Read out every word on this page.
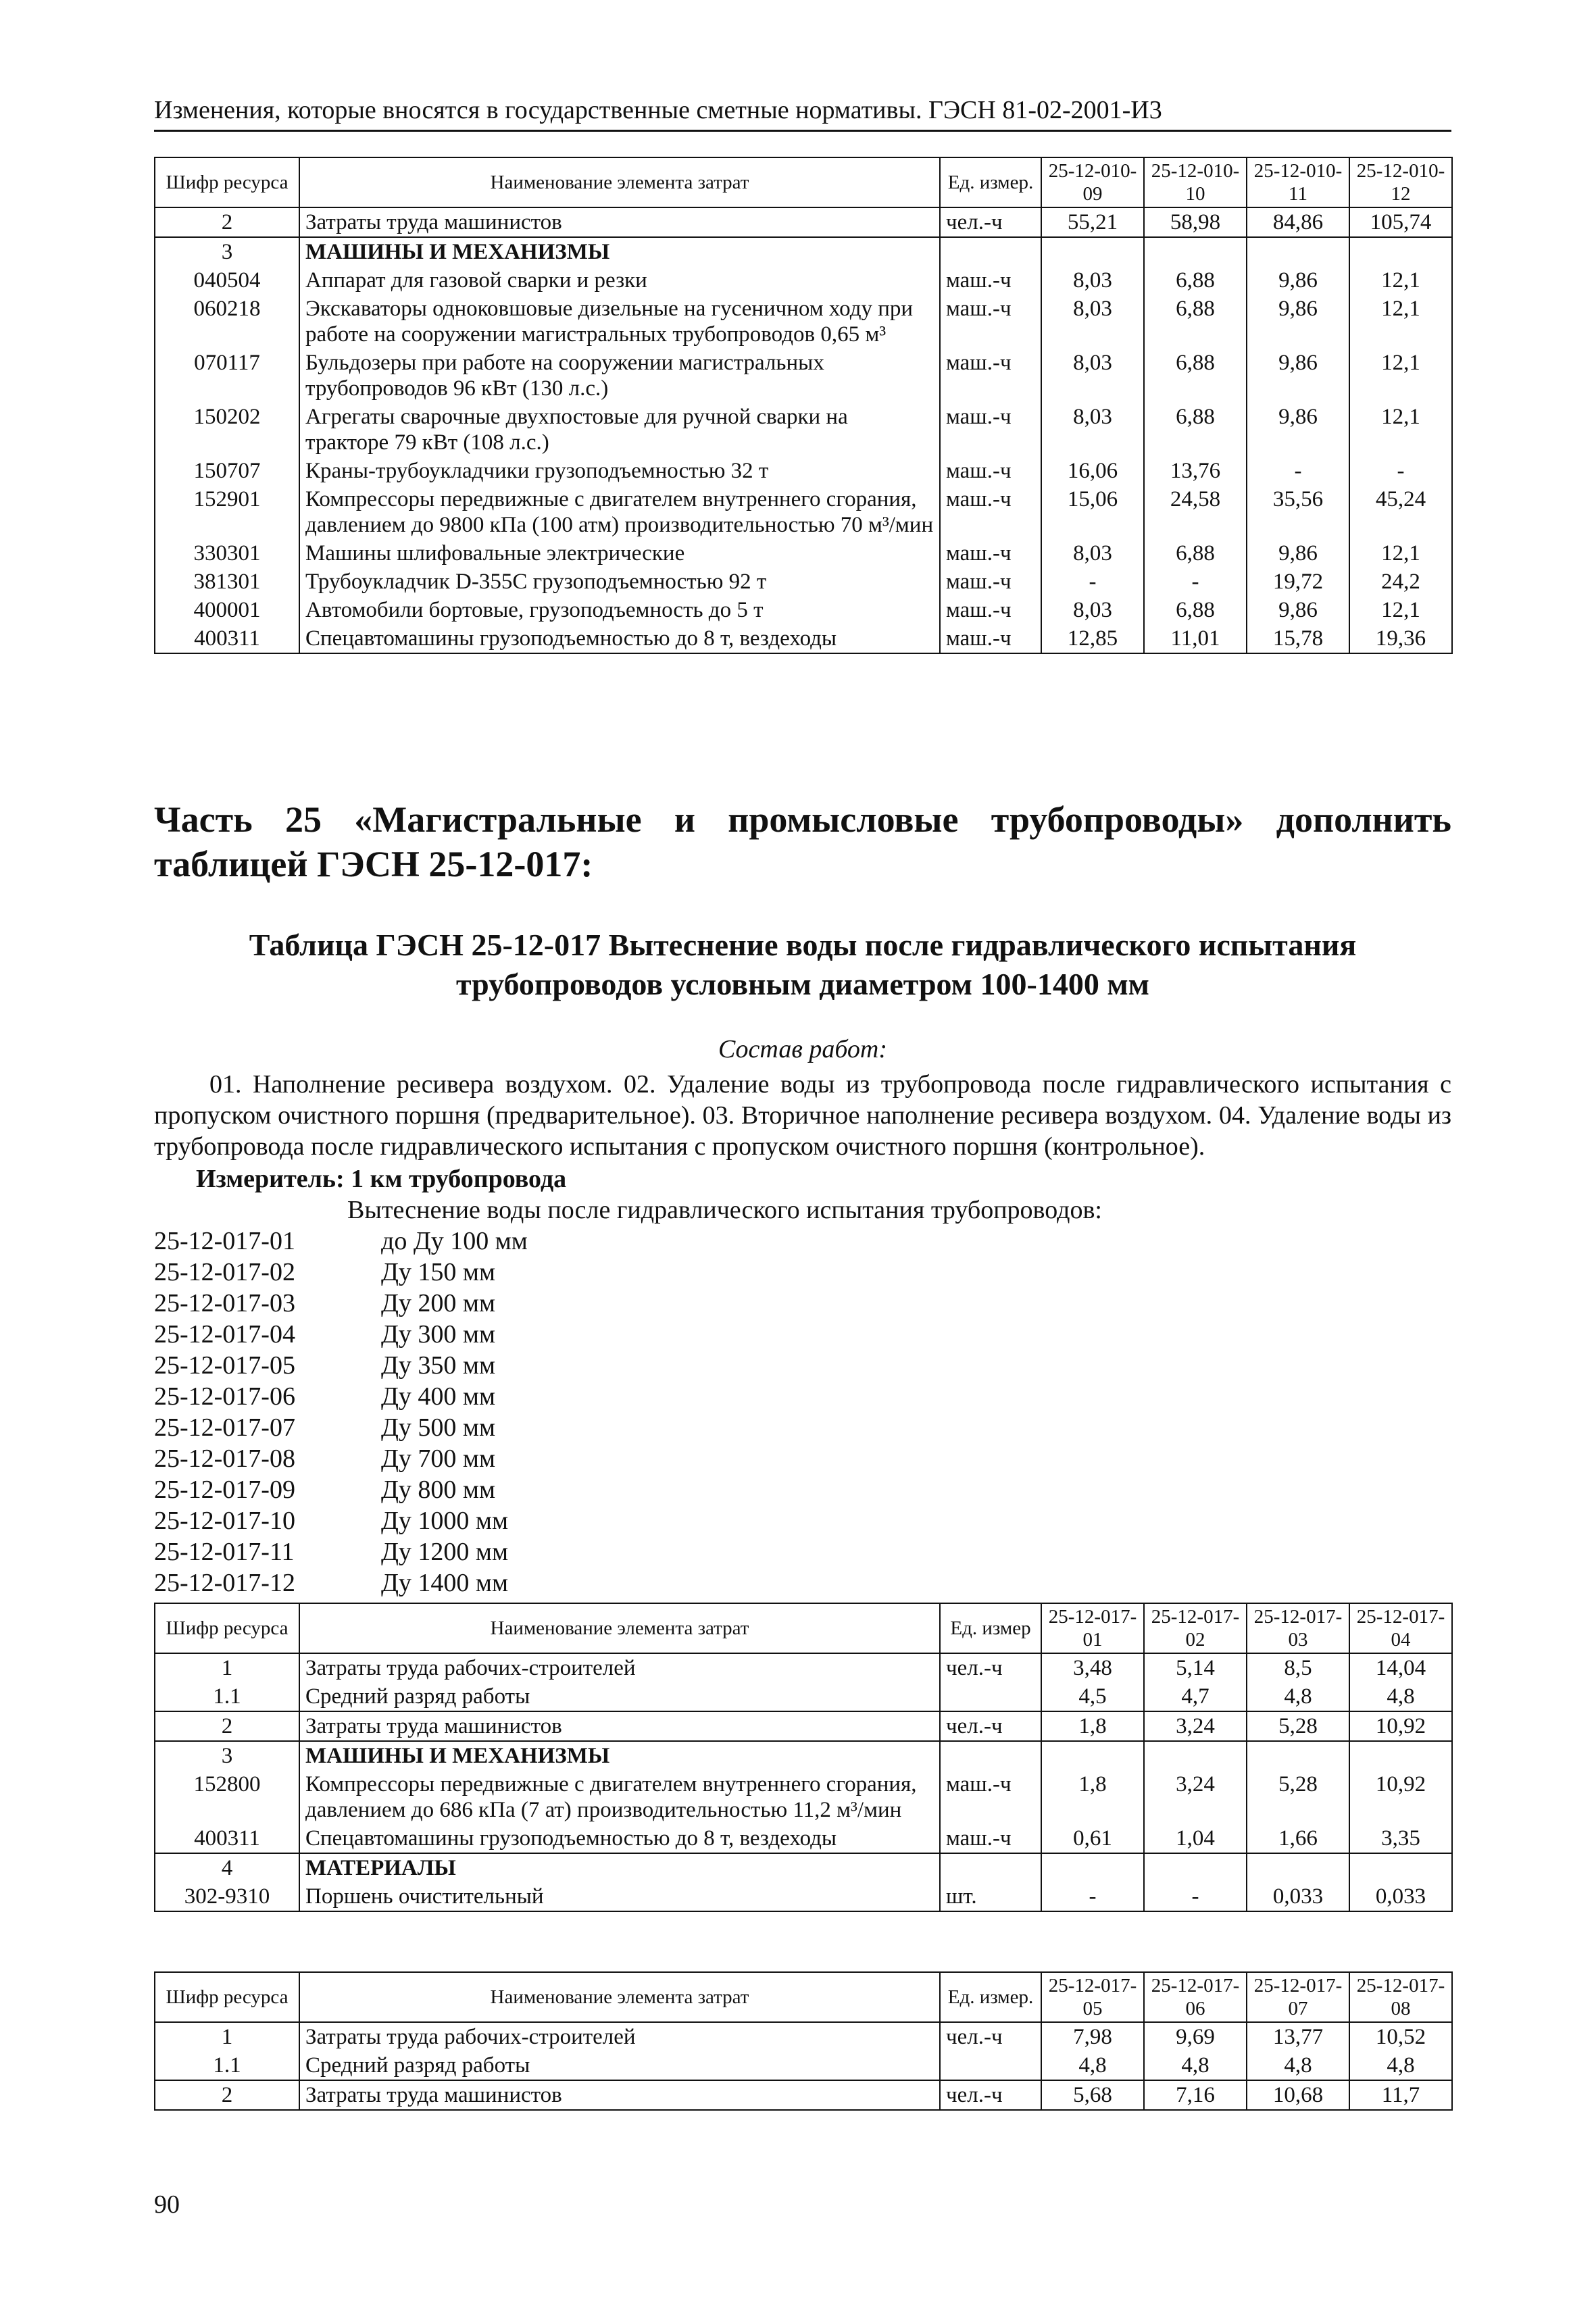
Изменения, которые вносятся в государственные сметные нормативы. ГЭСН 81-02-2001-И3
Шифр ресурса	Наименование элемента затрат	Ед. измер.	25-12-010-09	25-12-010-10	25-12-010-11	25-12-010-12
2	Затраты труда машинистов	чел.-ч	55,21	58,98	84,86	105,74
3	МАШИНЫ И МЕХАНИЗМЫ					
040504	Аппарат для газовой сварки и резки	маш.-ч	8,03	6,88	9,86	12,1
060218	Экскаваторы одноковшовые дизельные на гусеничном ходу при работе на сооружении магистральных трубопроводов 0,65 м³	маш.-ч	8,03	6,88	9,86	12,1
070117	Бульдозеры при работе на сооружении магистральных трубопроводов 96 кВт (130 л.с.)	маш.-ч	8,03	6,88	9,86	12,1
150202	Агрегаты сварочные двухпостовые для ручной сварки на тракторе 79 кВт (108 л.с.)	маш.-ч	8,03	6,88	9,86	12,1
150707	Краны-трубоукладчики грузоподъемностью 32 т	маш.-ч	16,06	13,76	-	-
152901	Компрессоры передвижные с двигателем внутреннего сгорания, давлением до 9800 кПа (100 атм) производительностью 70 м³/мин	маш.-ч	15,06	24,58	35,56	45,24
330301	Машины шлифовальные электрические	маш.-ч	8,03	6,88	9,86	12,1
381301	Трубоукладчик D-355C грузоподъемностью 92 т	маш.-ч	-	-	19,72	24,2
400001	Автомобили бортовые, грузоподъемность до 5 т	маш.-ч	8,03	6,88	9,86	12,1
400311	Спецавтомашины грузоподъемностью до 8 т, вездеходы	маш.-ч	12,85	11,01	15,78	19,36
Часть 25 «Магистральные и промысловые трубопроводы» дополнить таблицей ГЭСН 25-12-017:
Таблица ГЭСН 25-12-017 Вытеснение воды после гидравлического испытания трубопроводов условным диаметром 100-1400 мм
Состав работ:
01. Наполнение ресивера воздухом. 02. Удаление воды из трубопровода после гидравлического испытания с пропуском очистного поршня (предварительное). 03. Вторичное наполнение ресивера воздухом. 04. Удаление воды из трубопровода после гидравлического испытания с пропуском очистного поршня (контрольное).
Измеритель: 1 км трубопровода
Вытеснение воды после гидравлического испытания трубопроводов:
25-12-017-01	до Ду 100 мм
25-12-017-02	Ду 150 мм
25-12-017-03	Ду 200 мм
25-12-017-04	Ду 300 мм
25-12-017-05	Ду 350 мм
25-12-017-06	Ду 400 мм
25-12-017-07	Ду 500 мм
25-12-017-08	Ду 700 мм
25-12-017-09	Ду 800 мм
25-12-017-10	Ду 1000 мм
25-12-017-11	Ду 1200 мм
25-12-017-12	Ду 1400 мм
Шифр ресурса	Наименование элемента затрат	Ед. измер	25-12-017-01	25-12-017-02	25-12-017-03	25-12-017-04
1	Затраты труда рабочих-строителей	чел.-ч	3,48	5,14	8,5	14,04
1.1	Средний разряд работы		4,5	4,7	4,8	4,8
2	Затраты труда машинистов	чел.-ч	1,8	3,24	5,28	10,92
3	МАШИНЫ И МЕХАНИЗМЫ					
152800	Компрессоры передвижные с двигателем внутреннего сгорания, давлением до 686 кПа (7 ат) производительностью 11,2 м³/мин	маш.-ч	1,8	3,24	5,28	10,92
400311	Спецавтомашины грузоподъемностью до 8 т, вездеходы	маш.-ч	0,61	1,04	1,66	3,35
4	МАТЕРИАЛЫ					
302-9310	Поршень очистительный	шт.	-	-	0,033	0,033
Шифр ресурса	Наименование элемента затрат	Ед. измер.	25-12-017-05	25-12-017-06	25-12-017-07	25-12-017-08
1	Затраты труда рабочих-строителей	чел.-ч	7,98	9,69	13,77	10,52
1.1	Средний разряд работы		4,8	4,8	4,8	4,8
2	Затраты труда машинистов	чел.-ч	5,68	7,16	10,68	11,7
90
